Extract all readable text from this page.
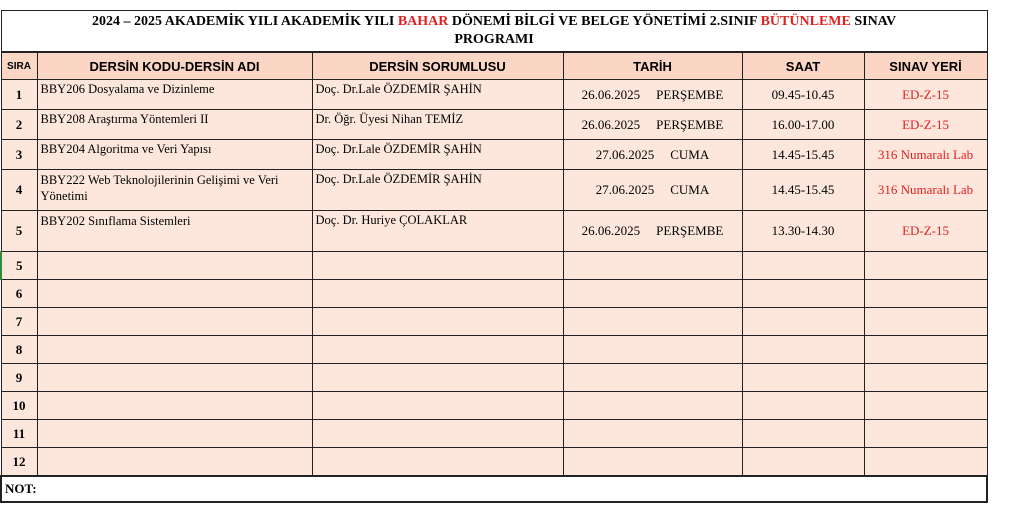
2024 – 2025 AKADEMİK YILI AKADEMİK YILI BAHAR DÖNEMİ BİLGİ VE BELGE YÖNETİMİ 2.SINIF BÜTÜNLEME SINAV
PROGRAMI					
SIRA	DERSİN KODU-DERSİN ADI	DERSİN SORUMLUSU	TARİH	SAAT	SINAV YERİ
1	BBY206 Dosyalama ve Dizinleme	Doç. Dr.Lale ÖZDEMİR ŞAHİN	26.06.2025 PERŞEMBE	09.45-10.45	ED-Z-15
2	BBY208 Araştırma Yöntemleri II	Dr. Öğr. Üyesi Nihan TEMİZ	26.06.2025 PERŞEMBE	16.00-17.00	ED-Z-15
3	BBY204 Algoritma ve Veri Yapısı	Doç. Dr.Lale ÖZDEMİR ŞAHİN	27.06.2025 CUMA	14.45-15.45	316 Numaralı Lab
4	BBY222 Web Teknolojilerinin Gelişimi ve Veri Yönetimi	Doç. Dr.Lale ÖZDEMİR ŞAHİN	27.06.2025 CUMA	14.45-15.45	316 Numaralı Lab
5	BBY202 Sınıflama Sistemleri	Doç. Dr. Huriye ÇOLAKLAR	26.06.2025 PERŞEMBE	13.30-14.30	ED-Z-15
5					
6					
7					
8					
9					
10					
11					
12					
NOT:					
